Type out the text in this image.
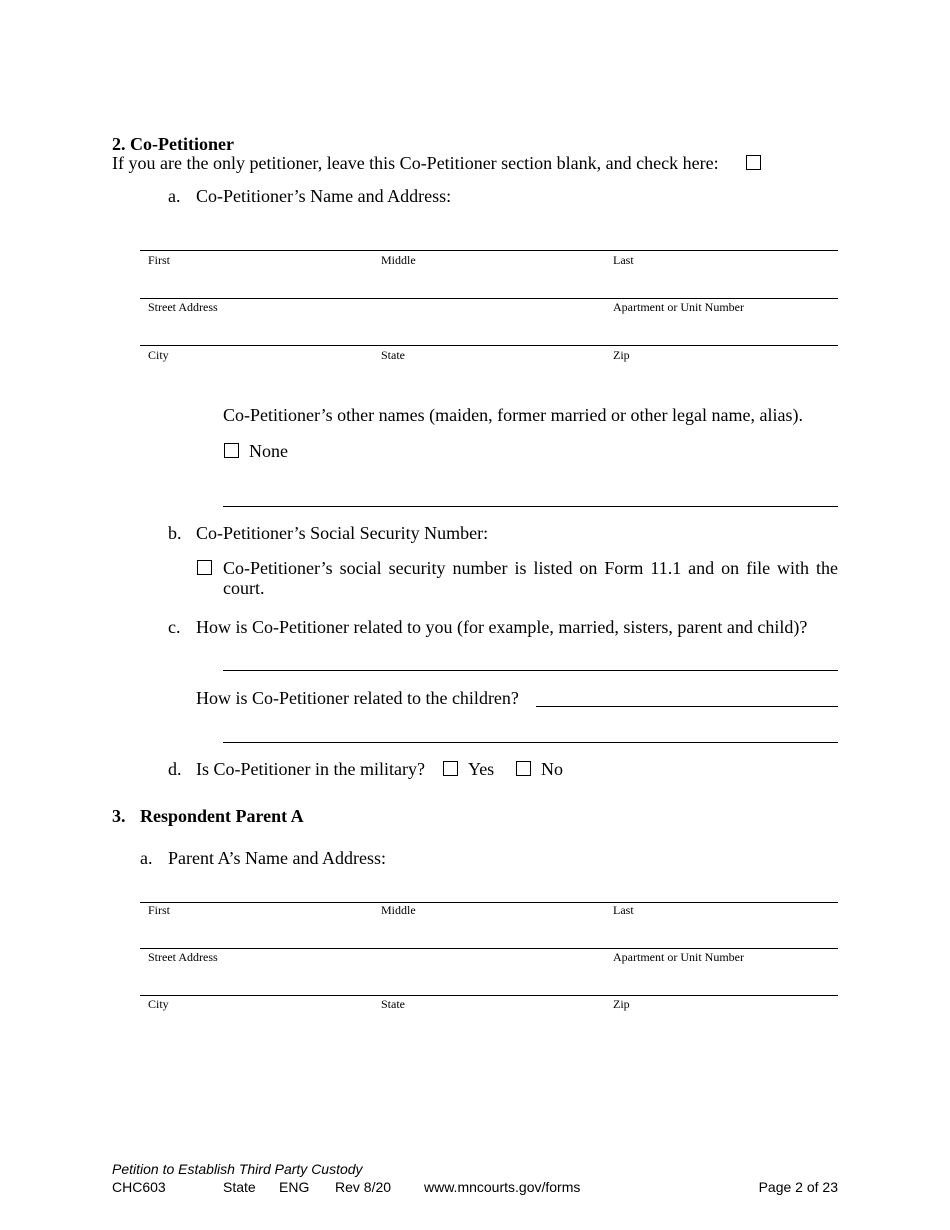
2. Co-Petitioner
If you are the only petitioner, leave this Co-Petitioner section blank, and check here:
a. Co-Petitioner’s Name and Address:
First	Middle	Last
Street Address	Apartment or Unit Number
City	State	Zip
Co-Petitioner’s other names (maiden, former married or other legal name, alias).
None
b. Co-Petitioner’s Social Security Number:
Co-Petitioner’s social security number is listed on Form 11.1 and on file with the court.
c. How is Co-Petitioner related to you (for example, married, sisters, parent and child)?
How is Co-Petitioner related to the children?
d. Is Co-Petitioner in the military? Yes	No
3. Respondent Parent A
a. Parent A’s Name and Address:
First	Middle	Last
Street Address	Apartment or Unit Number
City	State	Zip
Petition to Establish Third Party Custody
CHC603	State ENG Rev 8/20 www.mncourts.gov/forms	Page 2 of 23
